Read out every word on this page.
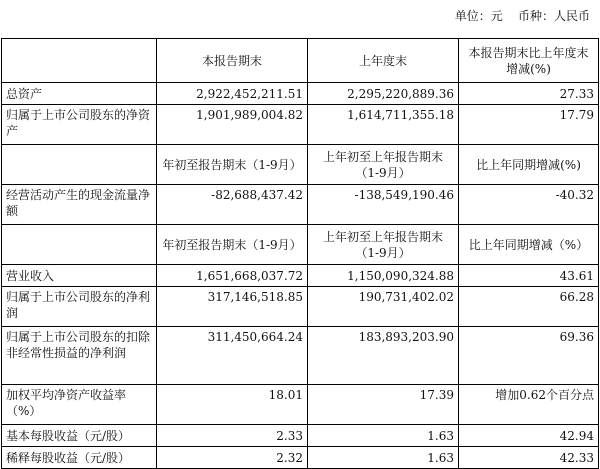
单位：元    币种：人民币
	本报告期末	上年度末	本报告期末比上年度末增减(%)
总资产	2,922,452,211.51	2,295,220,889.36	27.33
归属于上市公司股东的净资产	1,901,989,004.82	1,614,711,355.18	17.79
	年初至报告期末（1-9月）	上年初至上年报告期末（1-9月）	比上年同期增减(%)
经营活动产生的现金流量净额	-82,688,437.42	-138,549,190.46	-40.32
	年初至报告期末（1-9月）	上年初至上年报告期末（1-9月）	比上年同期增减（%）
营业收入	1,651,668,037.72	1,150,090,324.88	43.61
归属于上市公司股东的净利润	317,146,518.85	190,731,402.02	66.28
归属于上市公司股东的扣除非经常性损益的净利润	311,450,664.24	183,893,203.90	69.36
加权平均净资产收益率（%）	18.01	17.39	增加0.62个百分点
基本每股收益（元/股）	2.33	1.63	42.94
稀释每股收益（元/股）	2.32	1.63	42.33
